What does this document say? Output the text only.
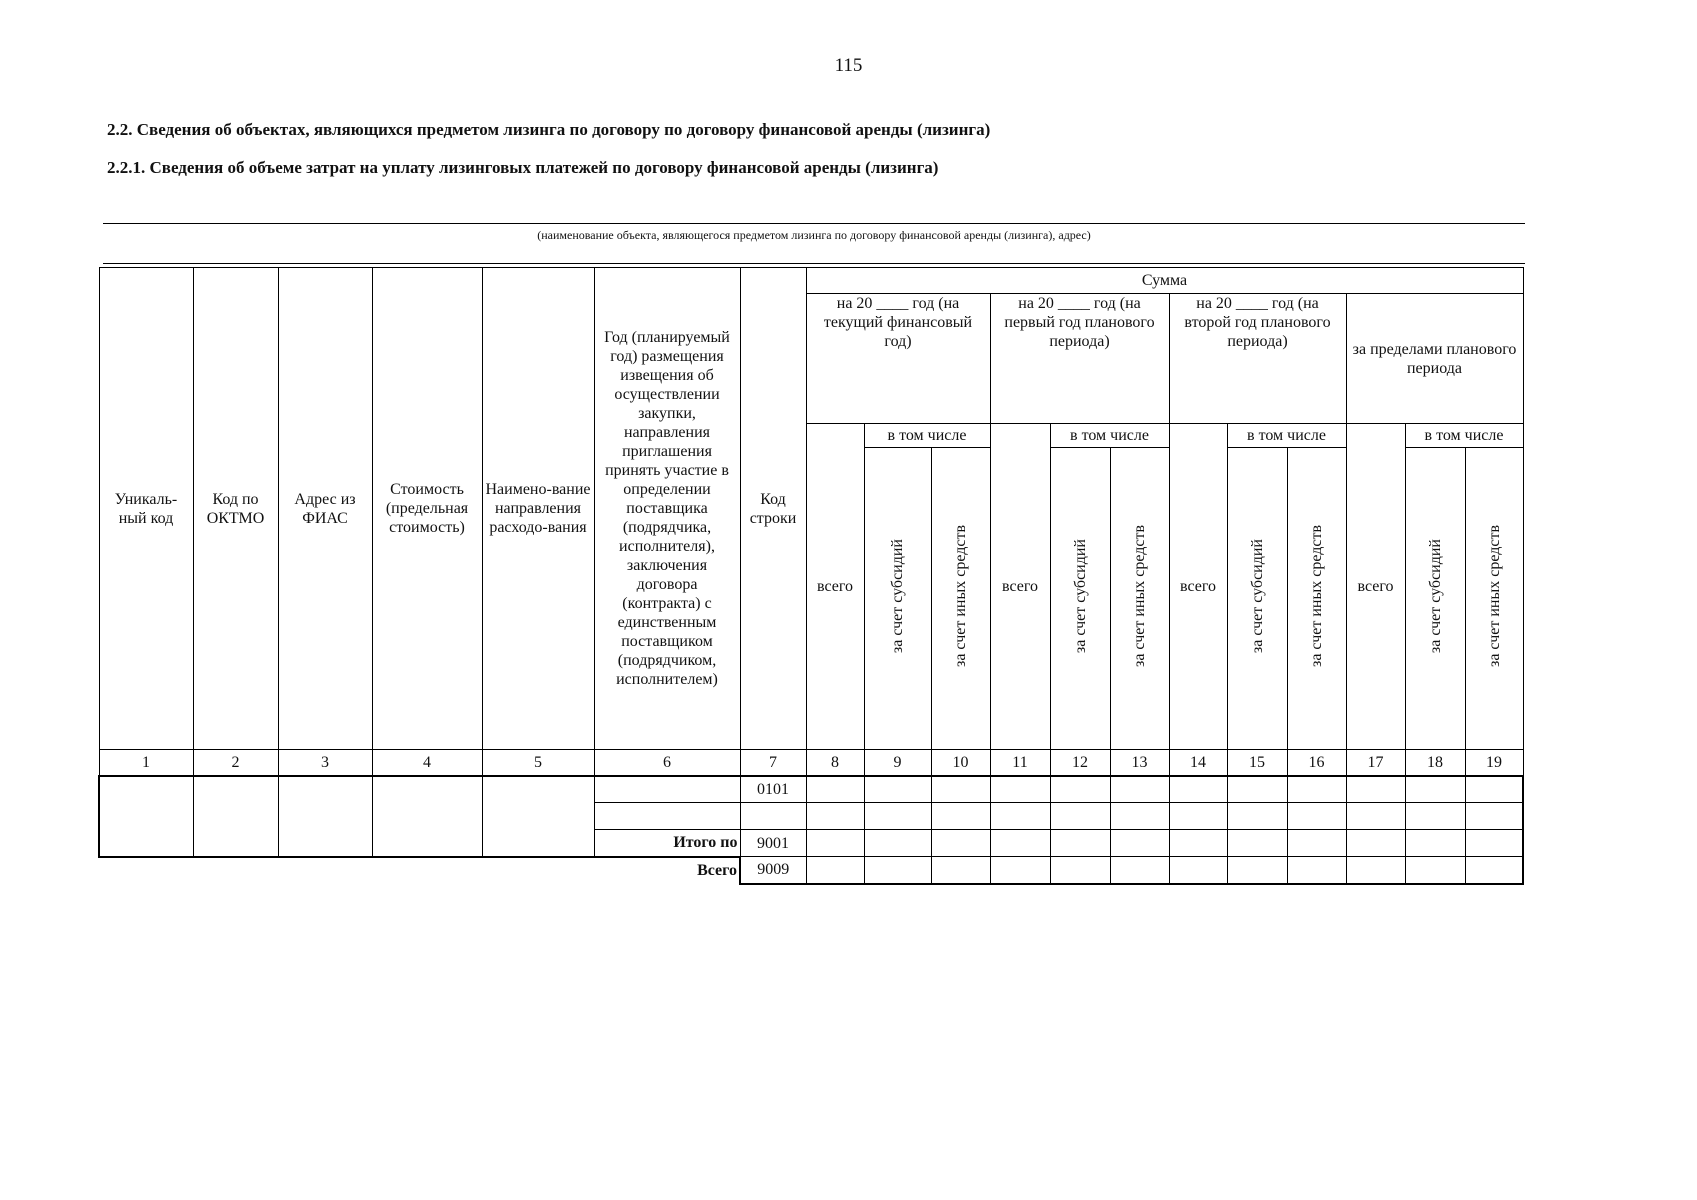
115
2.2. Сведения об объектах, являющихся предметом лизинга по договору по договору финансовой аренды (лизинга)
2.2.1. Сведения об объеме затрат на уплату лизинговых платежей по договору финансовой аренды (лизинга)
(наименование объекта, являющегося предметом лизинга по договору финансовой аренды (лизинга), адрес)
Уникаль-ный код	Код по ОКТМО	Адрес из ФИАС	Стоимость (предельная стоимость)	Наимено-вание направления расходо-вания	Год (планируемый год) размещения извещения об осуществлении закупки, направления приглашения принять участие в определении поставщика (подрядчика, исполнителя), заключения договора (контракта) с единственным поставщиком (подрядчиком, исполнителем)	Код строки	Сумма											
							на 20 ____ год (на текущий финансовый год)			на 20 ____ год (на первый год планового периода)			на 20 ____ год (на второй год планового периода)			за пределами планового периода		
							всего	в том числе		всего	в том числе		всего	в том числе		всего	в том числе	
								за счет субсидий	за счет иных средств		за счет субсидий	за счет иных средств		за счет субсидий	за счет иных средств		за счет субсидий	за счет иных средств
1	2	3	4	5	6	7	8	9	10	11	12	13	14	15	16	17	18	19
						0101												

					Итого по	9001												
					Всего	9009												
